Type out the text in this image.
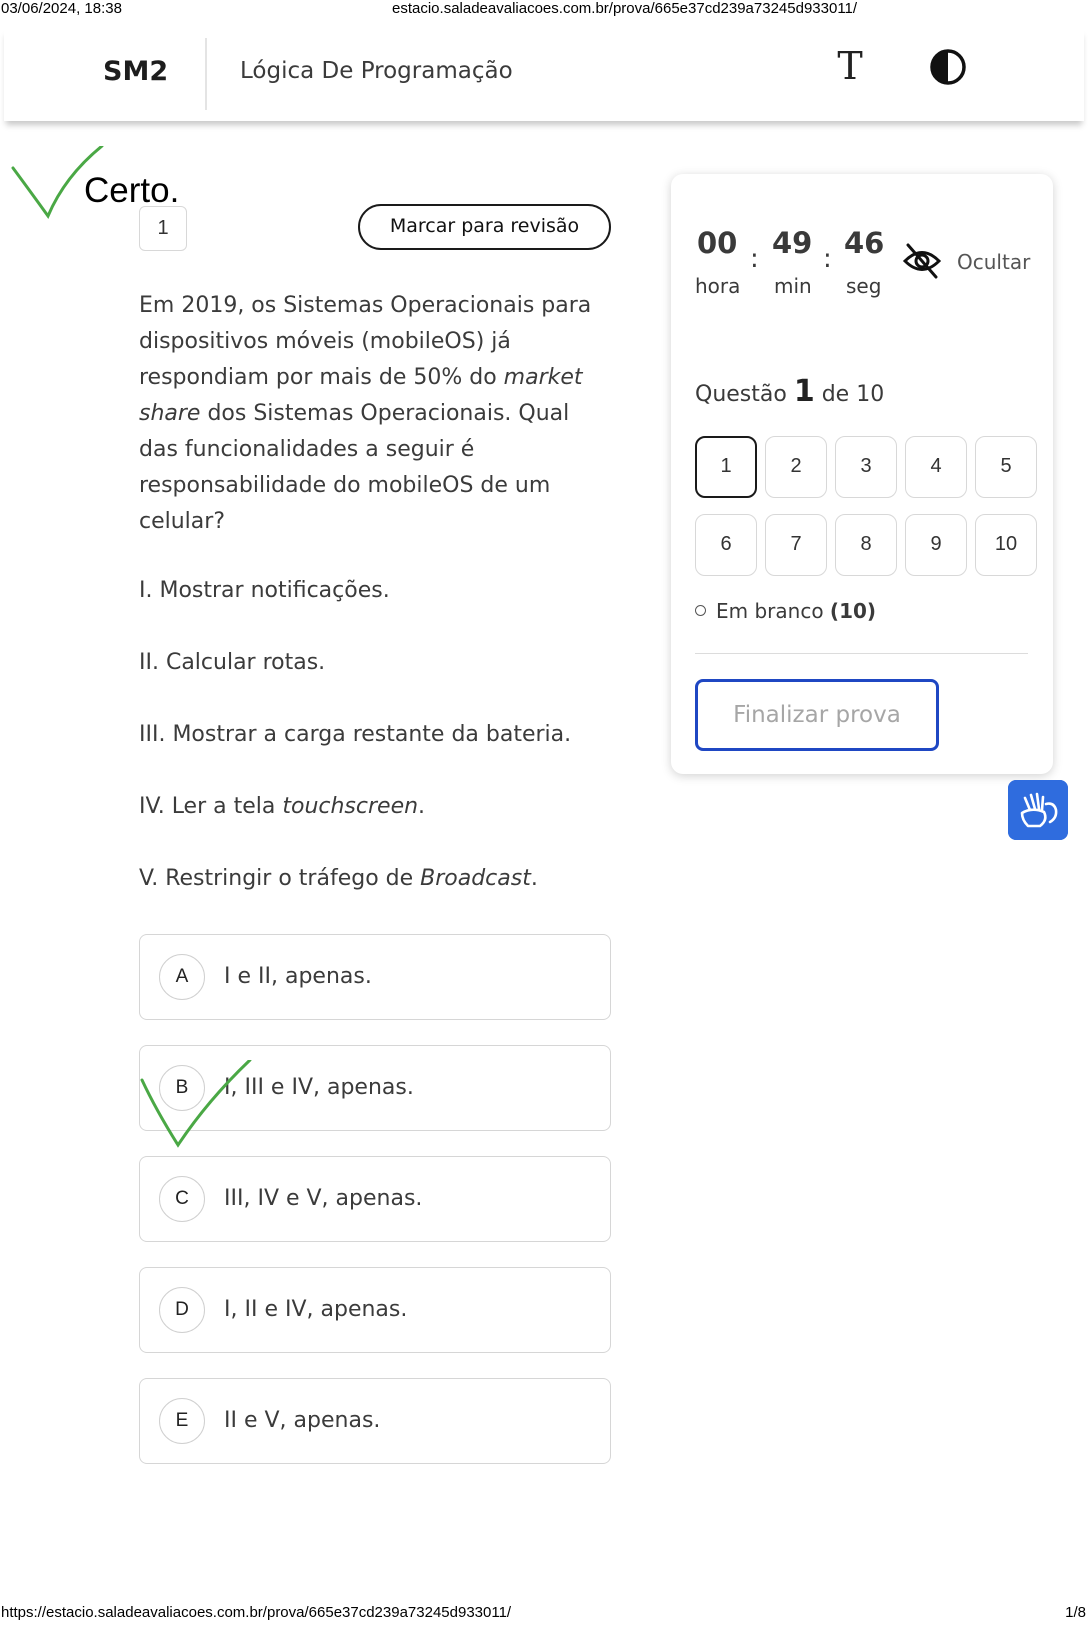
03/06/2024, 18:38	estacio.saladeavaliacoes.com.br/prova/665e37cd239a73245d933011/
SM2	Lógica De Programação	T
Certo.
1	Marcar para revisão

Em 2019, os Sistemas Operacionais para dispositivos móveis (mobileOS) já respondiam por mais de 50% do market share dos Sistemas Operacionais. Qual das funcionalidades a seguir é responsabilidade do mobileOS de um celular?

I. Mostrar notificações.
II. Calcular rotas.
III. Mostrar a carga restante da bateria.
IV. Ler a tela touchscreen.
V. Restringir o tráfego de Broadcast.
A	I e II, apenas.
B	I, III e IV, apenas.
C	III, IV e V, apenas.
D	I, II e IV, apenas.
E	II e V, apenas.
00 : 49 : 46
hora min seg
Ocultar
Questão 1 de 10
1	2	3	4	5
6	7	8	9	10
Em branco (10)
Finalizar prova
https://estacio.saladeavaliacoes.com.br/prova/665e37cd239a73245d933011/	1/8
